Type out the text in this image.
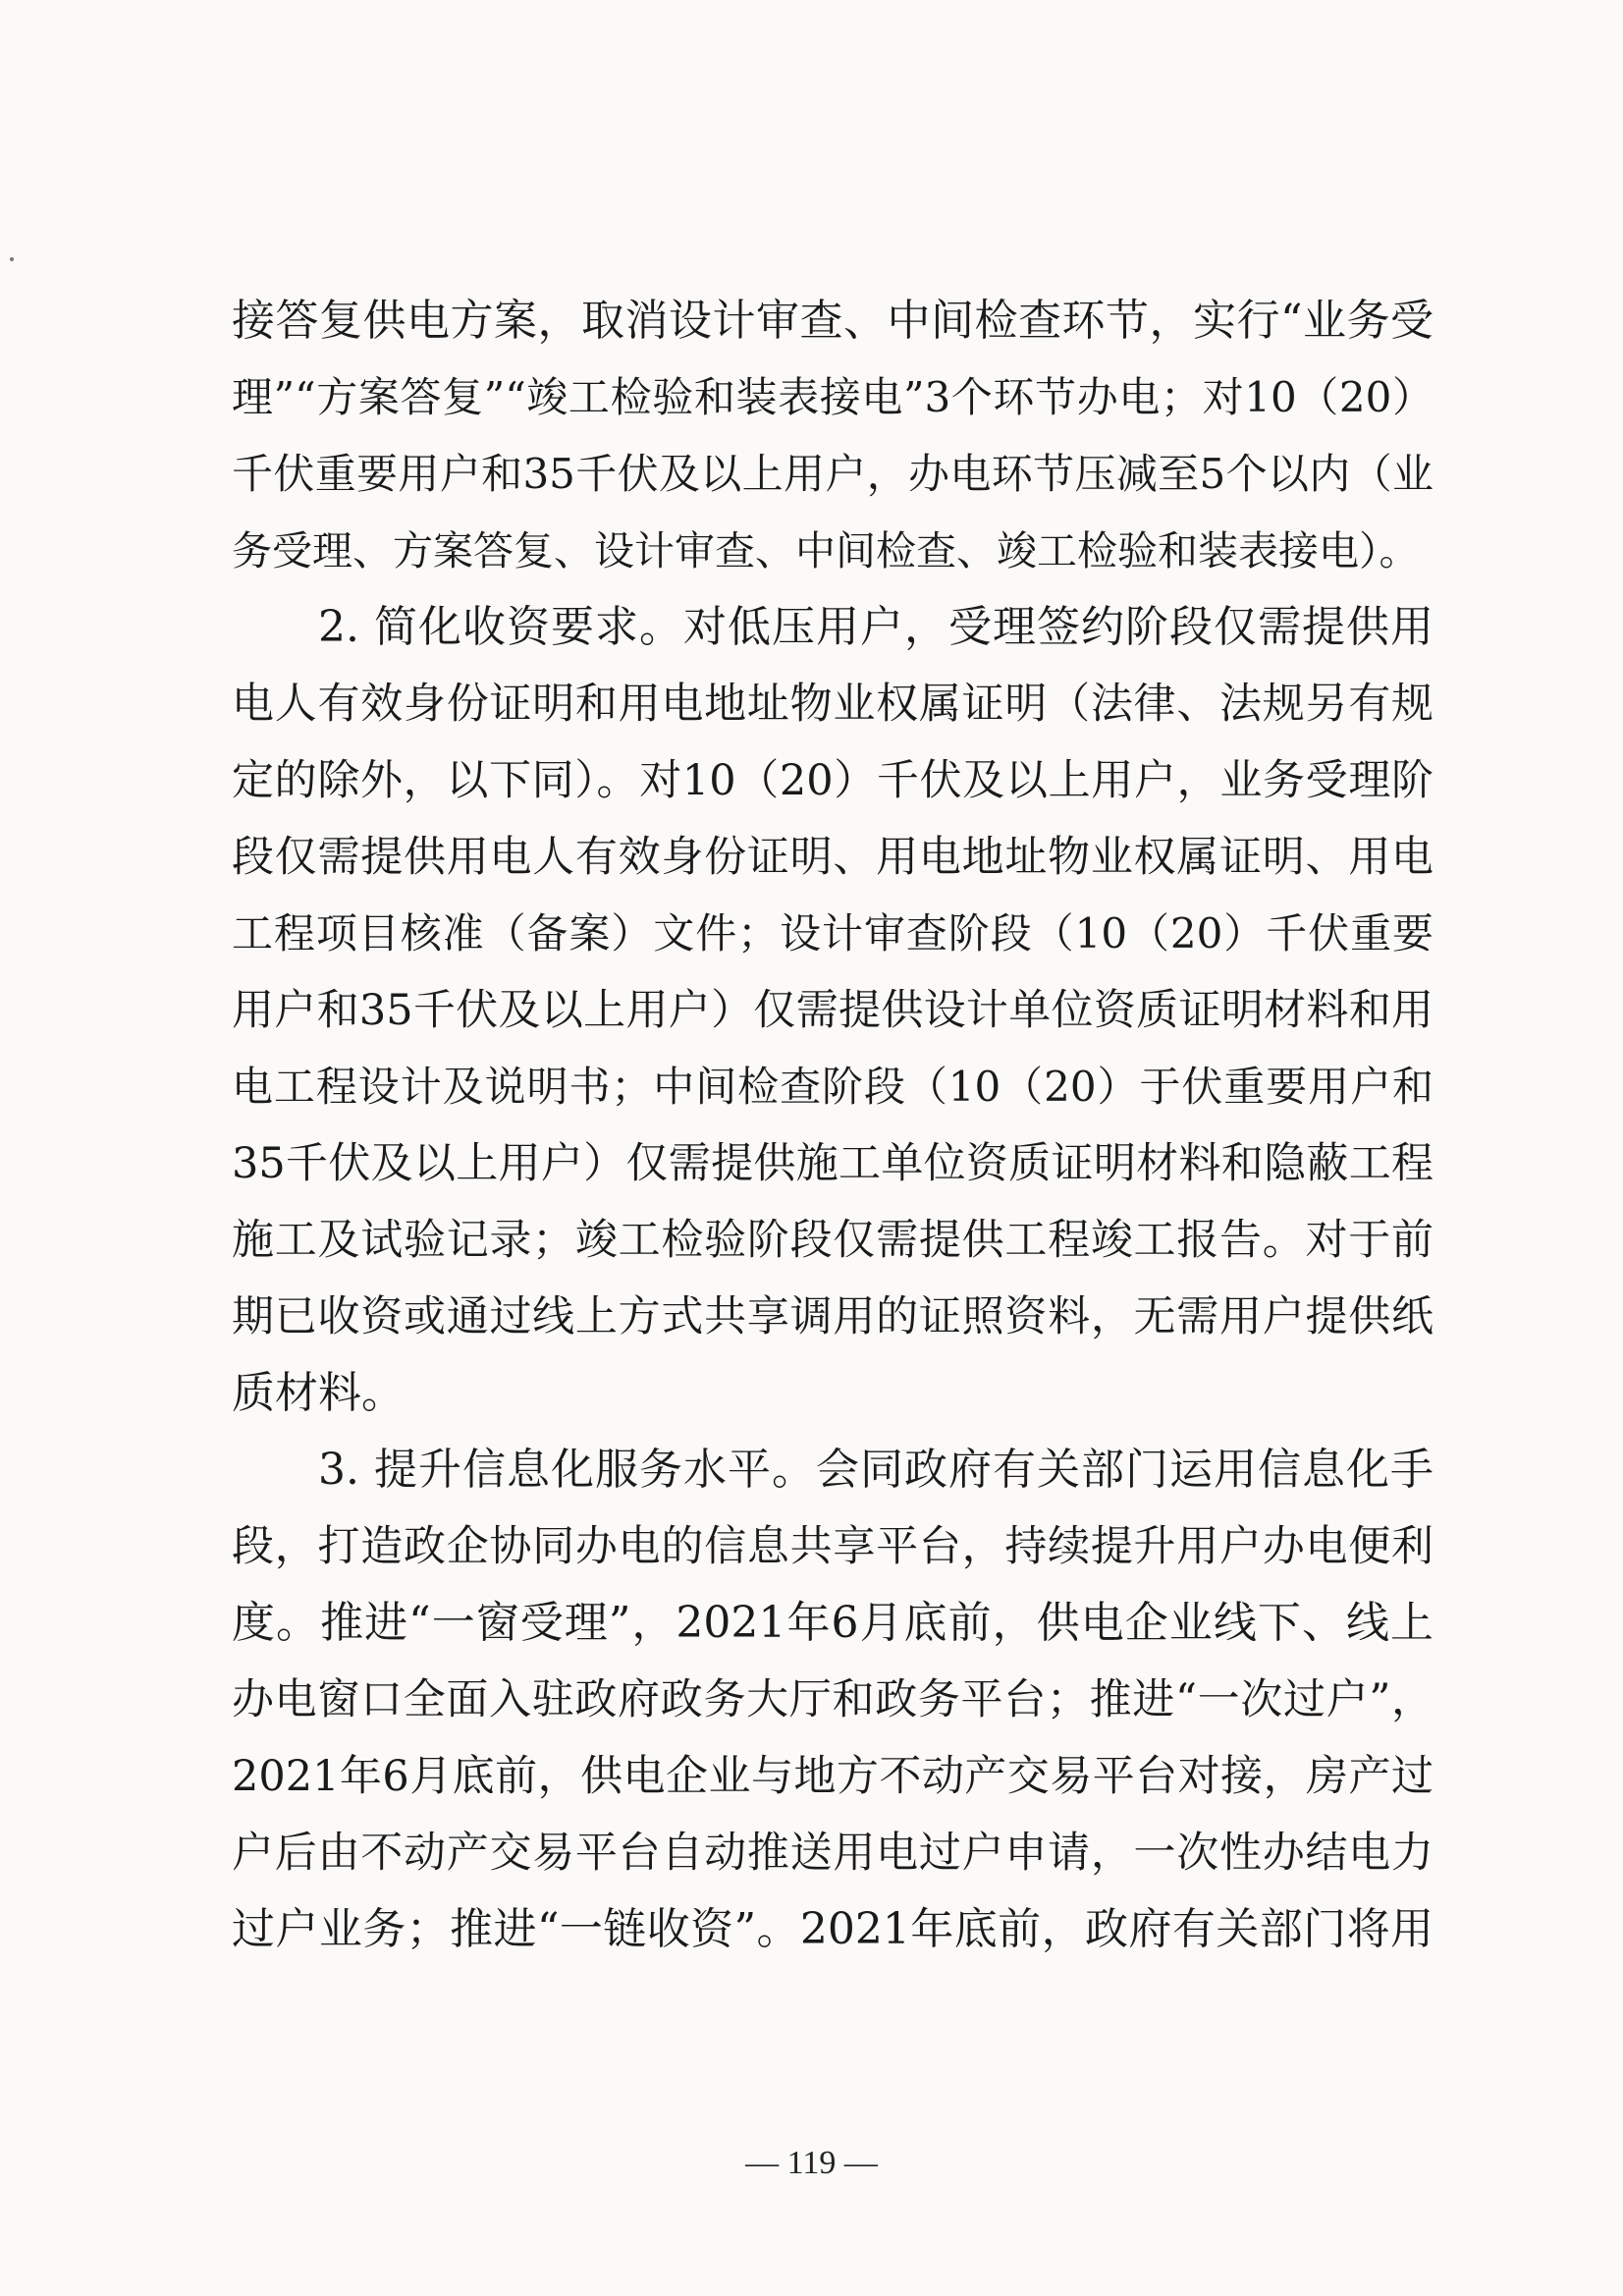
接答复供电方案，取消设计审查、中间检查环节，实行“业务受
理”“方案答复”“竣工检验和装表接电”3个环节办电；对10（20）
千伏重要用户和35千伏及以上用户，办电环节压减至5个以内（业
务受理、方案答复、设计审查、中间检查、竣工检验和装表接电）。
2. 简化收资要求。对低压用户，受理签约阶段仅需提供用
电人有效身份证明和用电地址物业权属证明（法律、法规另有规
定的除外，以下同）。对10（20）千伏及以上用户，业务受理阶
段仅需提供用电人有效身份证明、用电地址物业权属证明、用电
工程项目核准（备案）文件；设计审查阶段（10（20）千伏重要
用户和35千伏及以上用户）仅需提供设计单位资质证明材料和用
电工程设计及说明书；中间检查阶段（10（20）于伏重要用户和
35千伏及以上用户）仅需提供施工单位资质证明材料和隐蔽工程
施工及试验记录；竣工检验阶段仅需提供工程竣工报告。对于前
期已收资或通过线上方式共享调用的证照资料，无需用户提供纸
质材料。
3. 提升信息化服务水平。会同政府有关部门运用信息化手
段，打造政企协同办电的信息共享平台，持续提升用户办电便利
度。推进“一窗受理”，2021年6月底前，供电企业线下、线上
办电窗口全面入驻政府政务大厅和政务平台；推进“一次过户”，
2021年6月底前，供电企业与地方不动产交易平台对接，房产过
户后由不动产交易平台自动推送用电过户申请，一次性办结电力
过户业务；推进“一链收资”。2021年底前，政府有关部门将用
— 119 —
